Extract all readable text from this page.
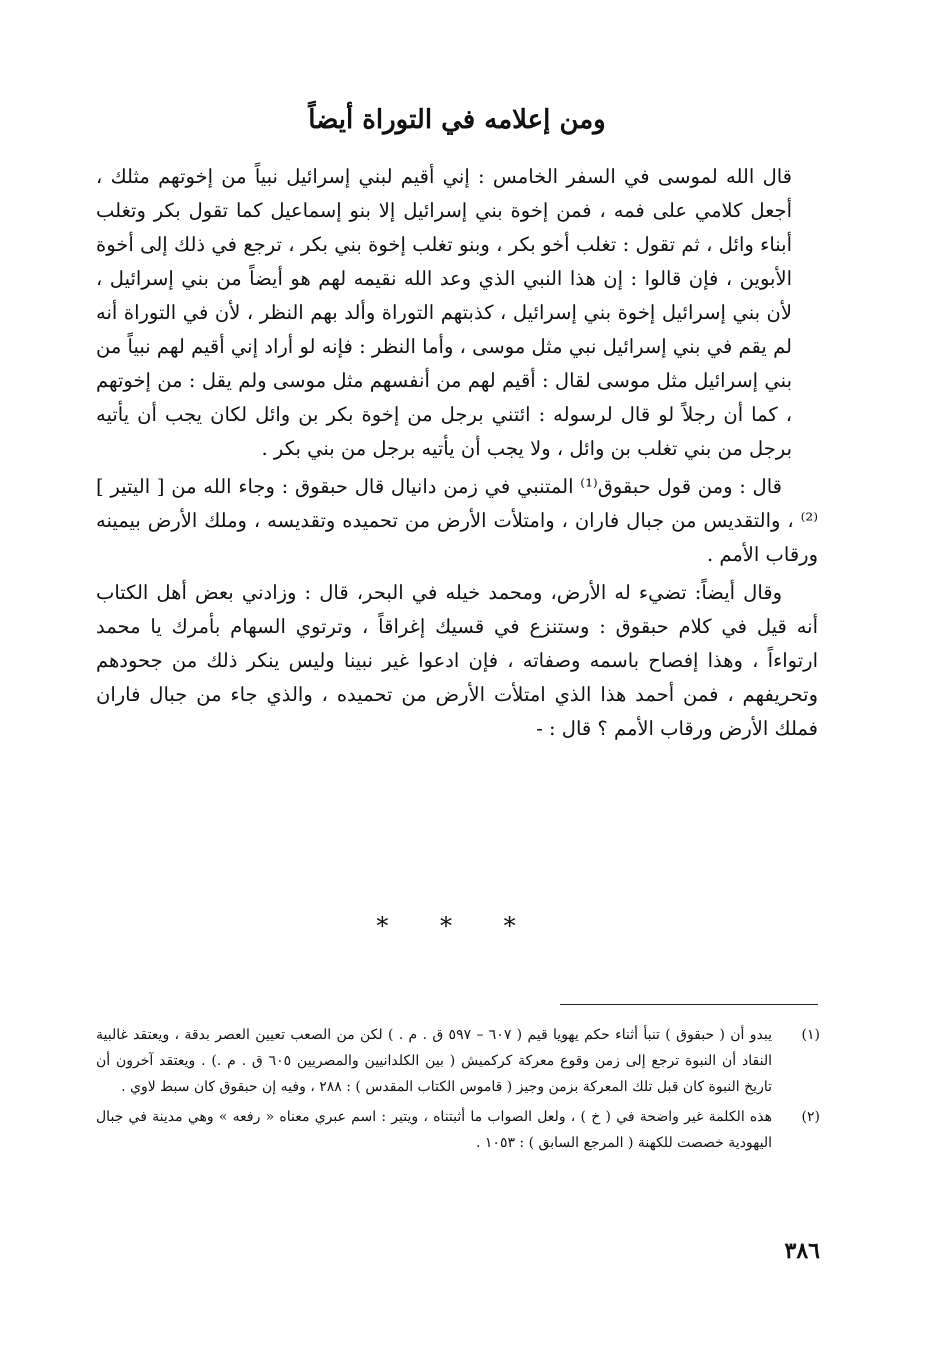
ومن إعلامه في التوراة أيضاً

قال الله لموسى في السفر الخامس : إني أقيم لبني إسرائيل نبياً من إخوتهم مثلك ، أجعل كلامي على فمه ، فمن إخوة بني إسرائيل إلا بنو إسماعيل كما تقول بكر وتغلب أبناء وائل ، ثم تقول : تغلب أخو بكر ، وبنو تغلب إخوة بني بكر ، ترجع في ذلك إلى أخوة الأبوين ، فإن قالوا : إن هذا النبي الذي وعد الله نقيمه لهم هو أيضاً من بني إسرائيل ، لأن بني إسرائيل إخوة بني إسرائيل ، كذبتهم التوراة وألد بهم النظر ، لأن في التوراة أنه لم يقم في بني إسرائيل نبي مثل موسى ، وأما النظر : فإنه لو أراد إني أقيم لهم نبياً من بني إسرائيل مثل موسى لقال : أقيم لهم من أنفسهم مثل موسى ولم يقل : من إخوتهم ، كما أن رجلاً لو قال لرسوله : ائتني برجل من إخوة بكر بن وائل لكان يجب أن يأتيه برجل من بني تغلب بن وائل ، ولا يجب أن يأتيه برجل من بني بكر .

قال : ومن قول حبقوق⁽¹⁾ المتنبي في زمن دانيال قال حبقوق : وجاء الله من [ اليتير ]⁽²⁾ ، والتقديس من جبال فاران ، وامتلأت الأرض من تحميده وتقديسه ، وملك الأرض بيمينه ورقاب الأمم .

وقال أيضاً: تضيء له الأرض، ومحمد خيله في البحر، قال : وزادني بعض أهل الكتاب أنه قيل في كلام حبقوق : وستنزع في قسيك إغراقاً ، وترتوي السهام بأمرك يا محمد ارتواءاً ، وهذا إفصاح باسمه وصفاته ، فإن ادعوا غير نبينا وليس ينكر ذلك من جحودهم وتحريفهم ، فمن أحمد هذا الذي امتلأت الأرض من تحميده ، والذي جاء من جبال فاران فملك الأرض ورقاب الأمم ؟ قال : -

* * *
(١)
يبدو أن ( حبقوق ) تنبأ أثناء حكم يهويا قيم ( ٦٠٧ – ٥٩٧ ق . م . ) لكن من الصعب تعيين العصر بدقة ، ويعتقد غالبية النقاد أن النبوة ترجع إلى زمن وقوع معركة كركميش ( بين الكلدانيين والمصريين ٦٠٥ ق . م .) . ويعتقد آخرون أن تاريخ النبوة كان قبل تلك المعركة بزمن وجيز ( قاموس الكتاب المقدس ) : ٢٨٨ ، وفيه إن حبقوق كان سبط لاوي .
(٢)
هذه الكلمة غير واضحة في ( خ ) ، ولعل الصواب ما أثبتناه ، ويتير : اسم عبري معناه « رفعه » وهي مدينة في جبال اليهودية خصصت للكهنة ( المرجع السابق ) : ١٠٥٣ .
٣٨٦
